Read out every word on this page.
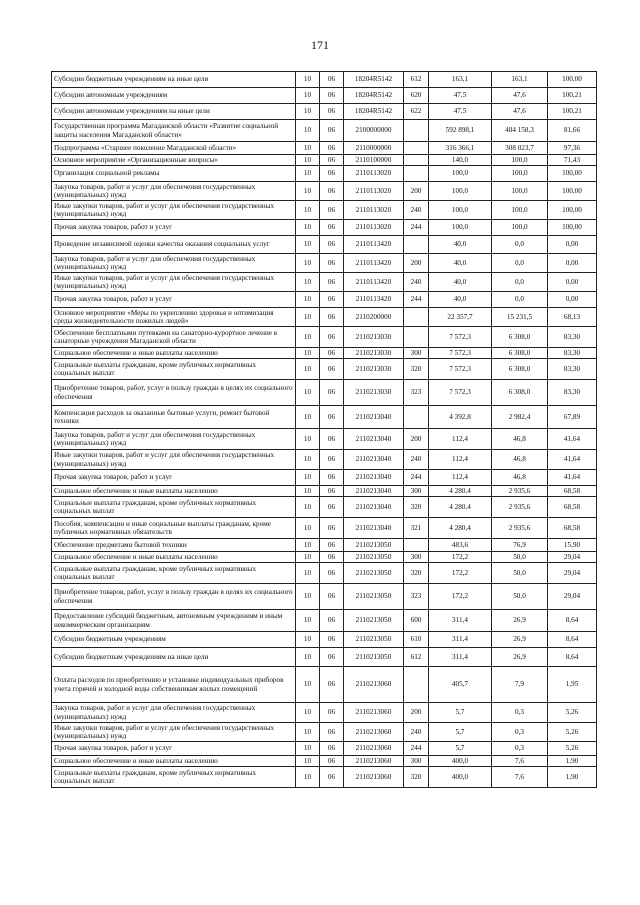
171
Субсидии бюджетным учреждениям на иные цели	10	06	18204R5142	612	163,1	163,1	100,00
Субсидии автономным учреждениям	10	06	18204R5142	620	47,5	47,6	100,21
Субсидии автономным учреждениям на иные цели	10	06	18204R5142	622	47,5	47,6	100,21
Государственная программа Магаданской области «Развитие социальной защиты населения Магаданской области»	10	06	2100000000		592 898,1	484 158,3	81,66
Подпрограмма «Старшее поколение Магаданской области»	10	06	2110000000		316 366,1	308 023,7	97,36
Основное мероприятие «Организационные вопросы»	10	06	2110100000		140,0	100,0	71,43
Организация социальной рекламы	10	06	2110113020		100,0	100,0	100,00
Закупка товаров, работ и услуг для обеспечения государственных (муниципальных) нужд	10	06	2110113020	200	100,0	100,0	100,00
Иные закупки товаров, работ и услуг для обеспечения государственных (муниципальных) нужд	10	06	2110113020	240	100,0	100,0	100,00
Прочая закупка товаров, работ и услуг	10	06	2110113020	244	100,0	100,0	100,00
Проведение независимой оценки качества оказания социальных услуг	10	06	2110113420		40,0	0,0	0,00
Закупка товаров, работ и услуг для обеспечения государственных (муниципальных) нужд	10	06	2110113420	200	40,0	0,0	0,00
Иные закупки товаров, работ и услуг для обеспечения государственных (муниципальных) нужд	10	06	2110113420	240	40,0	0,0	0,00
Прочая закупка товаров, работ и услуг	10	06	2110113420	244	40,0	0,0	0,00
Основное мероприятие «Меры по укреплению здоровья и оптимизация среды жизнедеятельности пожилых людей»	10	06	2110200000		22 357,7	15 231,5	68,13
Обеспечение бесплатными путевками на санаторно-курортное лечение в санаторные учреждения Магаданской области	10	06	2110213030		7 572,3	6 308,0	83,30
Социальное обеспечение и иные выплаты населению	10	06	2110213030	300	7 572,3	6 308,0	83,30
Социальные выплаты гражданам, кроме публичных нормативных социальных выплат	10	06	2110213030	320	7 572,3	6 308,0	83,30
Приобретение товаров, работ, услуг в пользу граждан в целях их социального обеспечения	10	06	2110213030	323	7 572,3	6 308,0	83,30
Компенсация расходов за оказанные бытовые услуги, ремонт бытовой техники	10	06	2110213040		4 392,8	2 982,4	67,89
Закупка товаров, работ и услуг для обеспечения государственных (муниципальных) нужд	10	06	2110213040	200	112,4	46,8	41,64
Иные закупки товаров, работ и услуг для обеспечения государственных (муниципальных) нужд	10	06	2110213040	240	112,4	46,8	41,64
Прочая закупка товаров, работ и услуг	10	06	2110213040	244	112,4	46,8	41,64
Социальное обеспечение и иные выплаты населению	10	06	2110213040	300	4 280,4	2 935,6	68,58
Социальные выплаты гражданам, кроме публичных нормативных социальных выплат	10	06	2110213040	320	4 280,4	2 935,6	68,58
Пособия, компенсации и иные социальные выплаты гражданам, кроме публичных нормативных обязательств	10	06	2110213040	321	4 280,4	2 935,6	68,58
Обеспечение предметами бытовой техники	10	06	2110213050		483,6	76,9	15,90
Социальное обеспечение и иные выплаты населению	10	06	2110213050	300	172,2	50,0	29,04
Социальные выплаты гражданам, кроме публичных нормативных социальных выплат	10	06	2110213050	320	172,2	50,0	29,04
Приобретение товаров, работ, услуг в пользу граждан в целях их социального обеспечения	10	06	2110213050	323	172,2	50,0	29,04
Предоставление субсидий бюджетным, автономным учреждениям и иным некоммерческим организациям	10	06	2110213050	600	311,4	26,9	8,64
Субсидии бюджетным учреждениям	10	06	2110213050	610	311,4	26,9	8,64
Субсидии бюджетным учреждениям на иные цели	10	06	2110213050	612	311,4	26,9	8,64
Оплата расходов по приобретению и установке индивидуальных приборов учета горячей и холодной воды собственникам жилых помещений	10	06	2110213060		405,7	7,9	1,95
Закупка товаров, работ и услуг для обеспечения государственных (муниципальных) нужд	10	06	2110213060	200	5,7	0,3	5,26
Иные закупки товаров, работ и услуг для обеспечения государственных (муниципальных) нужд	10	06	2110213060	240	5,7	0,3	5,26
Прочая закупка товаров, работ и услуг	10	06	2110213060	244	5,7	0,3	5,26
Социальное обеспечение и иные выплаты населению	10	06	2110213060	300	400,0	7,6	1,90
Социальные выплаты гражданам, кроме публичных нормативных социальных выплат	10	06	2110213060	320	400,0	7,6	1,90
